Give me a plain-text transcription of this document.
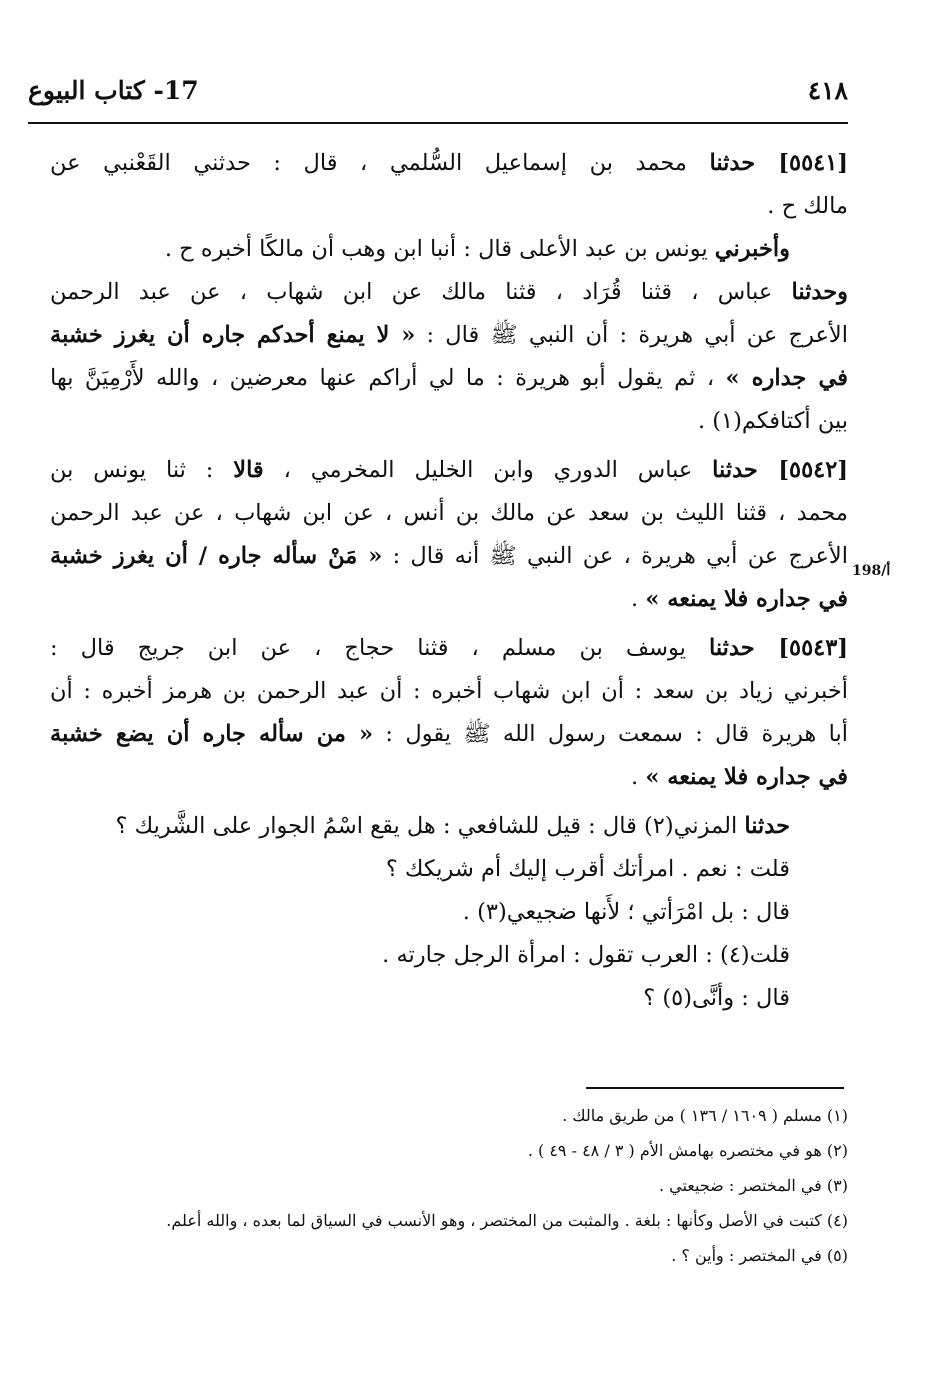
٤١٨
17- كتاب البيوع
198/أ
[٥٥٤١] حدثنا محمد بن إسماعيل السُّلمي ، قال : حدثني القَعْنبي عن
مالك ح .
وأخبرني يونس بن عبد الأعلى قال : أنبا ابن وهب أن مالكًا أخبره ح .
وحدثنا عباس ، قثنا قُرَاد ، قثنا مالك عن ابن شهاب ، عن عبد الرحمن
الأعرج عن أبي هريرة : أن النبي ﷺ قال : « لا يمنع أحدكم جاره أن يغرز خشبة
في جداره » ، ثم يقول أبو هريرة : ما لي أراكم عنها معرضين ، والله لأَرْمِيَنَّ بها
بين أكتافكم(١) .
[٥٥٤٢] حدثنا عباس الدوري وابن الخليل المخرمي ، قالا : ثنا يونس بن
محمد ، قثنا الليث بن سعد عن مالك بن أنس ، عن ابن شهاب ، عن عبد الرحمن
الأعرج عن أبي هريرة ، عن النبي ﷺ أنه قال : « مَنْ سأله جاره / أن يغرز خشبة
في جداره فلا يمنعه » .
[٥٥٤٣] حدثنا يوسف بن مسلم ، قثنا حجاج ، عن ابن جريج قال :
أخبرني زياد بن سعد : أن ابن شهاب أخبره : أن عبد الرحمن بن هرمز أخبره : أن
أبا هريرة قال : سمعت رسول الله ﷺ يقول : « من سأله جاره أن يضع خشبة
في جداره فلا يمنعه » .
حدثنا المزني(٢) قال : قيل للشافعي : هل يقع اسْمُ الجوار على الشَّريك ؟
قلت : نعم . امرأتك أقرب إليك أم شريكك ؟
قال : بل امْرَأتي ؛ لأَنها ضجيعي(٣) .
قلت(٤) : العرب تقول : امرأة الرجل جارته .
قال : وأنَّى(٥) ؟
(١) مسلم ( ١٦٠٩ / ١٣٦ ) من طريق مالك .
(٢) هو في مختصره بهامش الأم ( ٣ / ٤٨ - ٤٩ ) .
(٣) في المختصر : ضجيعتي .
(٤) كتبت في الأصل وكأنها : بلغة . والمثبت من المختصر ، وهو الأنسب في السياق لما بعده ، والله أعلم.
(٥) في المختصر : وأين ؟ .
